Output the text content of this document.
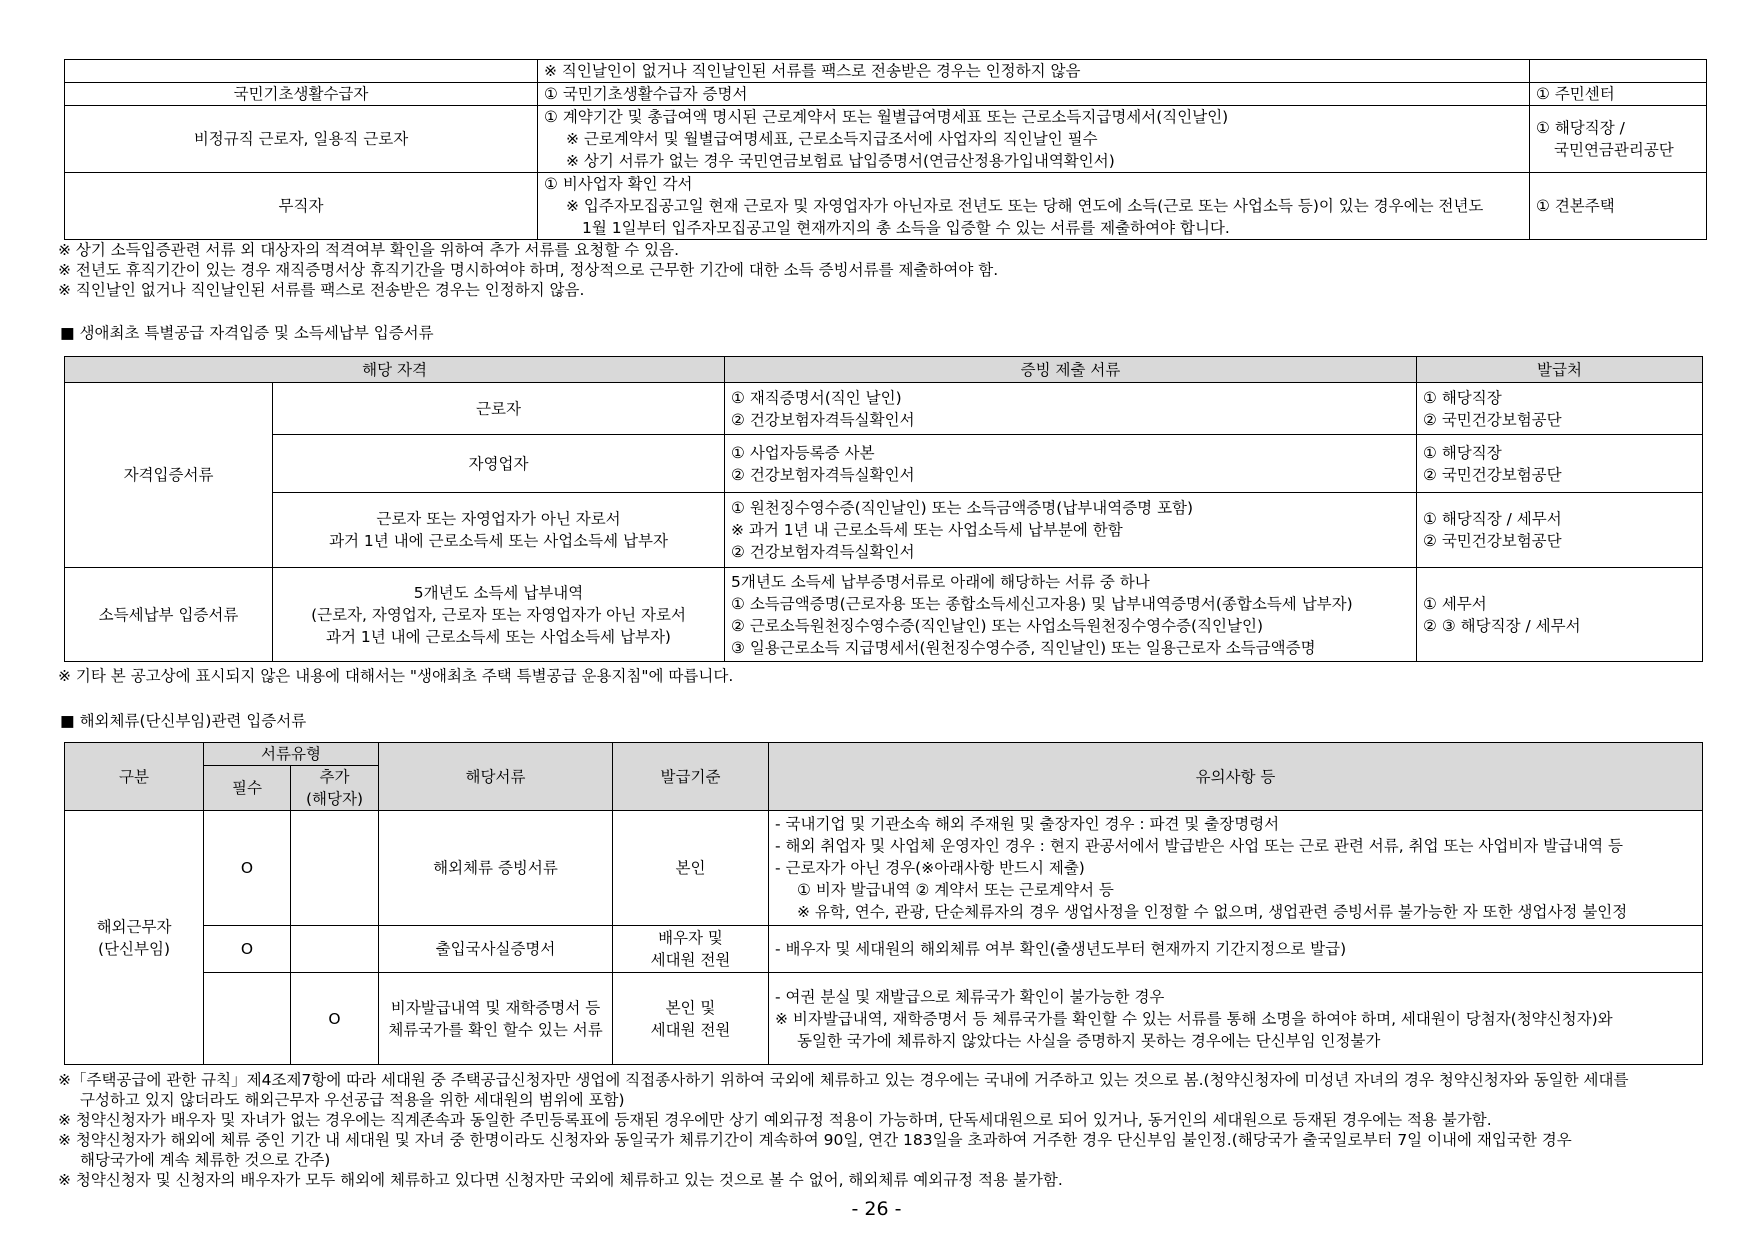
	※ 직인날인이 없거나 직인날인된 서류를 팩스로 전송받은 경우는 인정하지 않음	

국민기초생활수급자	① 국민기초생활수급자 증명서	① 주민센터

비정규직 근로자, 일용직 근로자	① 계약기간 및 총급여액 명시된 근로계약서 또는 월별급여명세표 또는 근로소득지급명세서(직인날인)
※ 근로계약서 및 월별급여명세표, 근로소득지급조서에 사업자의 직인날인 필수
※ 상기 서류가 없는 경우 국민연금보험료 납입증명서(연금산정용가입내역확인서)	① 해당직장 /
국민연금관리공단

무직자	① 비사업자 확인 각서
※ 입주자모집공고일 현재 근로자 및 자영업자가 아닌자로 전년도 또는 당해 연도에 소득(근로 또는 사업소득 등)이 있는 경우에는 전년도
1월 1일부터 입주자모집공고일 현재까지의 총 소득을 입증할 수 있는 서류를 제출하여야 합니다.	① 견본주택
※ 상기 소득입증관련 서류 외 대상자의 적격여부 확인을 위하여 추가 서류를 요청할 수 있음.
※ 전년도 휴직기간이 있는 경우 재직증명서상 휴직기간을 명시하여야 하며, 정상적으로 근무한 기간에 대한 소득 증빙서류를 제출하여야 함.
※ 직인날인 없거나 직인날인된 서류를 팩스로 전송받은 경우는 인정하지 않음.
■ 생애최초 특별공급 자격입증 및 소득세납부 입증서류
해당 자격		증빙 제출 서류	발급처
자격입증서류	근로자	① 재직증명서(직인 날인)
② 건강보험자격득실확인서	① 해당직장
② 국민건강보험공단

	자영업자	① 사업자등록증 사본
② 건강보험자격득실확인서	① 해당직장
② 국민건강보험공단

	근로자 또는 자영업자가 아닌 자로서
과거 1년 내에 근로소득세 또는 사업소득세 납부자	① 원천징수영수증(직인날인) 또는 소득금액증명(납부내역증명 포함)
※ 과거 1년 내 근로소득세 또는 사업소득세 납부분에 한함
② 건강보험자격득실확인서	① 해당직장 / 세무서
② 국민건강보험공단

소득세납부 입증서류	5개년도 소득세 납부내역
(근로자, 자영업자, 근로자 또는 자영업자가 아닌 자로서
과거 1년 내에 근로소득세 또는 사업소득세 납부자)	5개년도 소득세 납부증명서류로 아래에 해당하는 서류 중 하나
① 소득금액증명(근로자용 또는 종합소득세신고자용) 및 납부내역증명서(종합소득세 납부자)
② 근로소득원천징수영수증(직인날인) 또는 사업소득원천징수영수증(직인날인)
③ 일용근로소득 지급명세서(원천징수영수증, 직인날인) 또는 일용근로자 소득금액증명	① 세무서
② ③ 해당직장 / 세무서
※ 기타 본 공고상에 표시되지 않은 내용에 대해서는 "생애최초 주택 특별공급 운용지침"에 따릅니다.
■ 해외체류(단신부임)관련 입증서류
구분	서류유형		해당서류	발급기준	유의사항 등
	필수	추가
(해당자)			

해외근무자
(단신부임)	O		해외체류 증빙서류	본인	- 국내기업 및 기관소속 해외 주재원 및 출장자인 경우 : 파견 및 출장명령서
- 해외 취업자 및 사업체 운영자인 경우 : 현지 관공서에서 발급받은 사업 또는 근로 관련 서류, 취업 또는 사업비자 발급내역 등
- 근로자가 아닌 경우(※아래사항 반드시 제출)
① 비자 발급내역 ② 계약서 또는 근로계약서 등
※ 유학, 연수, 관광, 단순체류자의 경우 생업사정을 인정할 수 없으며, 생업관련 증빙서류 불가능한 자 또한 생업사정 불인정

	O		출입국사실증명서	배우자 및
세대원 전원	- 배우자 및 세대원의 해외체류 여부 확인(출생년도부터 현재까지 기간지정으로 발급)

		O	비자발급내역 및 재학증명서 등
체류국가를 확인 할수 있는 서류	본인 및
세대원 전원	- 여권 분실 및 재발급으로 체류국가 확인이 불가능한 경우
※ 비자발급내역, 재학증명서 등 체류국가를 확인할 수 있는 서류를 통해 소명을 하여야 하며, 세대원이 당첨자(청약신청자)와
동일한 국가에 체류하지 않았다는 사실을 증명하지 못하는 경우에는 단신부임 인정불가
※「주택공급에 관한 규칙」제4조제7항에 따라 세대원 중 주택공급신청자만 생업에 직접종사하기 위하여 국외에 체류하고 있는 경우에는 국내에 거주하고 있는 것으로 봄.(청약신청자에 미성년 자녀의 경우 청약신청자와 동일한 세대를
구성하고 있지 않더라도 해외근무자 우선공급 적용을 위한 세대원의 범위에 포함)
※ 청약신청자가 배우자 및 자녀가 없는 경우에는 직계존속과 동일한 주민등록표에 등재된 경우에만 상기 예외규정 적용이 가능하며, 단독세대원으로 되어 있거나, 동거인의 세대원으로 등재된 경우에는 적용 불가함.
※ 청약신청자가 해외에 체류 중인 기간 내 세대원 및 자녀 중 한명이라도 신청자와 동일국가 체류기간이 계속하여 90일, 연간 183일을 초과하여 거주한 경우 단신부임 불인정.(해당국가 출국일로부터 7일 이내에 재입국한 경우
해당국가에 계속 체류한 것으로 간주)
※ 청약신청자 및 신청자의 배우자가 모두 해외에 체류하고 있다면 신청자만 국외에 체류하고 있는 것으로 볼 수 없어, 해외체류 예외규정 적용 불가함.
- 26 -
